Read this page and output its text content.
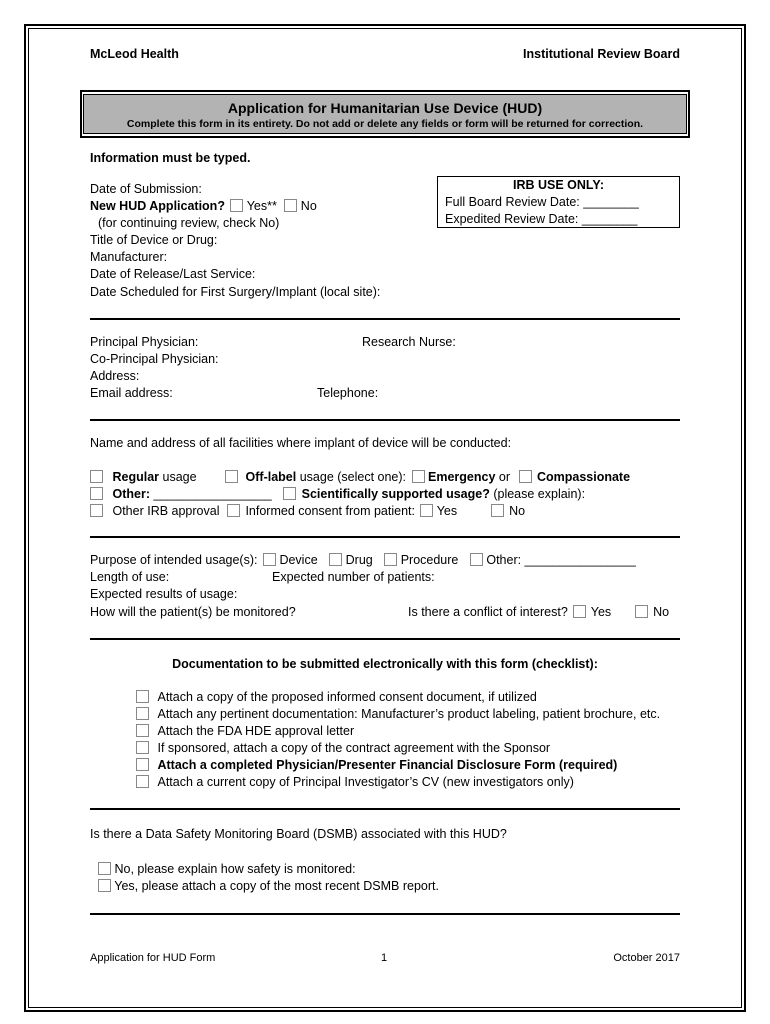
McLeod Health	Institutional Review Board
Application for Humanitarian Use Device (HUD)
Complete this form in its entirety. Do not add or delete any fields or form will be returned for correction.
Information must be typed.
Date of Submission:
New HUD Application? Yes** No
(for continuing review, check No)
Title of Device or Drug:
Manufacturer:
Date of Release/Last Service:
Date Scheduled for First Surgery/Implant (local site):
IRB USE ONLY:
Full Board Review Date: ________
Expedited Review Date: ________
Principal Physician:	Research Nurse:
Co-Principal Physician:
Address:
Email address:	Telephone:
Name and address of all facilities where implant of device will be conducted:
Regular usage	Off-label usage (select one): Emergency or Compassionate
Other: _________________ Scientifically supported usage? (please explain):
Other IRB approval Informed consent from patient: Yes	No
Purpose of intended usage(s): Device Drug Procedure Other: ________________
Length of use:	Expected number of patients:
Expected results of usage:
How will the patient(s) be monitored?	Is there a conflict of interest? Yes	No
Documentation to be submitted electronically with this form (checklist):
Attach a copy of the proposed informed consent document, if utilized
Attach any pertinent documentation: Manufacturer’s product labeling, patient brochure, etc.
Attach the FDA HDE approval letter
If sponsored, attach a copy of the contract agreement with the Sponsor
Attach a completed Physician/Presenter Financial Disclosure Form (required)
Attach a current copy of Principal Investigator’s CV (new investigators only)
Is there a Data Safety Monitoring Board (DSMB) associated with this HUD?
No, please explain how safety is monitored:
Yes, please attach a copy of the most recent DSMB report.
Application for HUD Form	1	October 2017
